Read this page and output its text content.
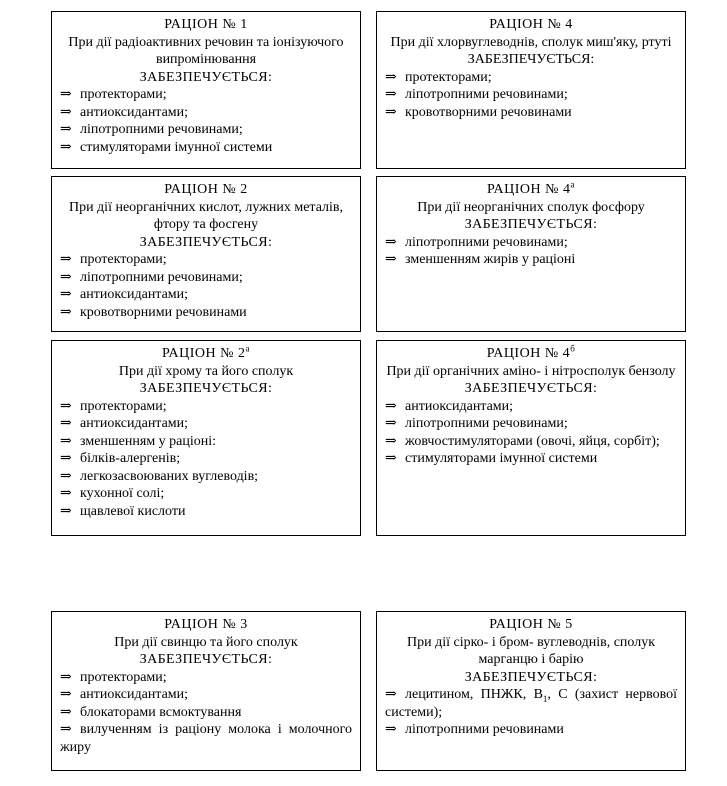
РАЦІОН № 1
При дії радіоактивних речовин та іонізуючого випромінювання
ЗАБЕЗПЕЧУЄТЬСЯ:
⇒ протекторами;
⇒ антиоксидантами;
⇒ ліпотропними речовинами;
⇒ стимуляторами імунної системи
РАЦІОН № 4
При дії хлорвуглеводнів, сполук миш'яку, ртуті ЗАБЕЗПЕЧУЄТЬСЯ:
⇒ протекторами;
⇒ ліпотропними речовинами;
⇒ кровотворними речовинами
РАЦІОН № 2
При дії неорганічних кислот, лужних металів, фтору та фосгену
ЗАБЕЗПЕЧУЄТЬСЯ:
⇒ протекторами;
⇒ ліпотропними речовинами;
⇒ антиоксидантами;
⇒ кровотворними речовинами
РАЦІОН № $4^а$
При дії неорганічних сполук фосфору
ЗАБЕЗПЕЧУЄТЬСЯ:
⇒ ліпотропними речовинами;
⇒ зменшенням жирів у раціоні
РАЦІОН № $2^а$
При дії хрому та його сполук
ЗАБЕЗПЕЧУЄТЬСЯ:
⇒ протекторами;
⇒ антиоксидантами;
⇒ зменшенням у раціоні:
⇒ білків-алергенів;
⇒ легкозасвоюваних вуглеводів;
⇒ кухонної солі;
⇒ щавлевої кислоти
РАЦІОН № $4^б$
При дії органічних аміно- і нітросполук бензолу
ЗАБЕЗПЕЧУЄТЬСЯ:
⇒ антиоксидантами;
⇒ ліпотропними речовинами;
⇒ жовчостимуляторами (овочі, яйця, сорбіт);
⇒ стимуляторами імунної системи
РАЦІОН № 3
При дії свинцю та його сполук
ЗАБЕЗПЕЧУЄТЬСЯ:
⇒ протекторами;
⇒ антиоксидантами;
⇒ блокаторами всмоктування
⇒ вилученням із раціону молока і молочного жиру
РАЦІОН № 5
При дії сірко- і бром- вуглеводнів, сполук марганцю і барію
ЗАБЕЗПЕЧУЄТЬСЯ:
⇒ лецитином, ПНЖК, $В_1$, С (захист нервової системи);
⇒ ліпотропними речовинами
